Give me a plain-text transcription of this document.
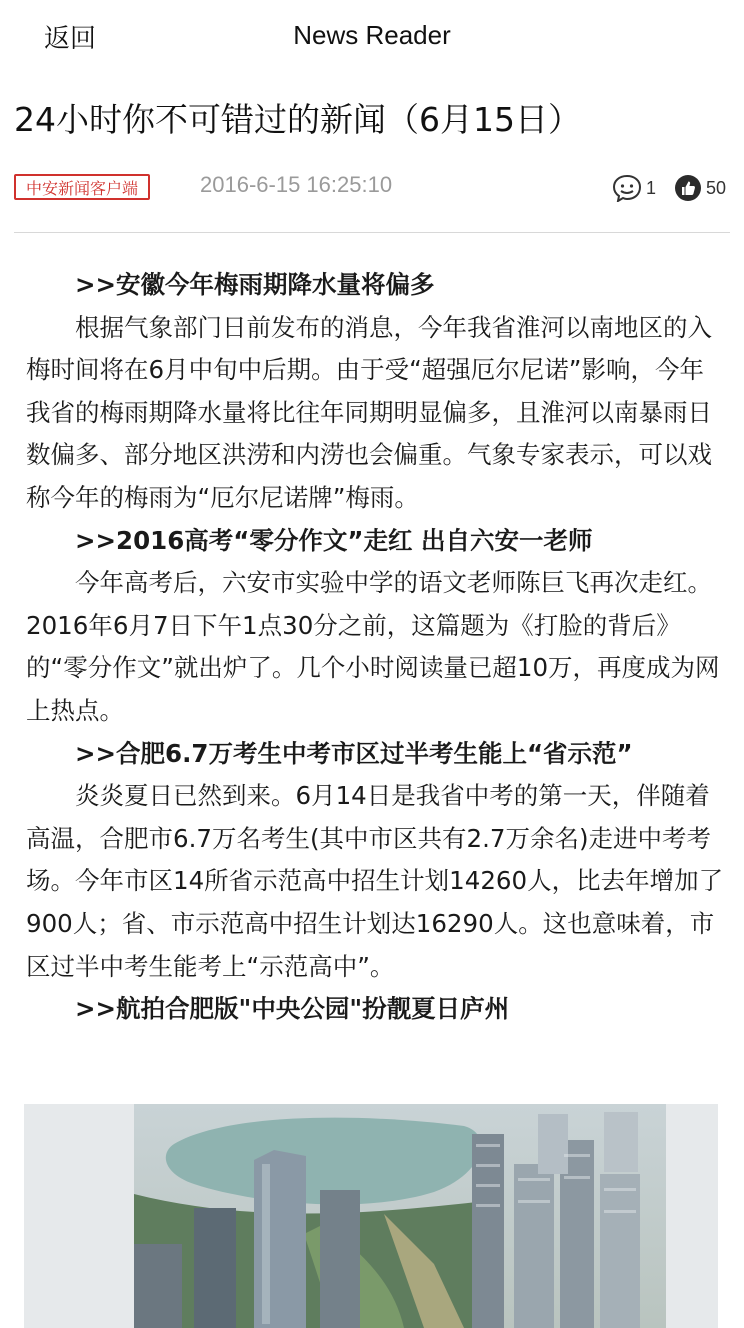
返回	News Reader
24小时你不可错过的新闻（6月15日）
中安新闻客户端	2016-6-15 16:25:10	1	50

>>安徽今年梅雨期降水量将偏多

根据气象部门日前发布的消息，今年我省淮河以南地区的入梅时间将在6月中旬中后期。由于受“超强厄尔尼诺”影响，今年我省的梅雨期降水量将比往年同期明显偏多，且淮河以南暴雨日数偏多、部分地区洪涝和内涝也会偏重。气象专家表示，可以戏称今年的梅雨为“厄尔尼诺牌”梅雨。

>>2016高考“零分作文”走红 出自六安一老师

今年高考后，六安市实验中学的语文老师陈巨飞再次走红。2016年6月7日下午1点30分之前，这篇题为《打脸的背后》的“零分作文”就出炉了。几个小时阅读量已超10万，再度成为网上热点。

>>合肥6.7万考生中考市区过半考生能上“省示范”

炎炎夏日已然到来。6月14日是我省中考的第一天，伴随着高温，合肥市6.7万名考生(其中市区共有2.7万余名)走进中考考场。今年市区14所省示范高中招生计划14260人，比去年增加了900人；省、市示范高中招生计划达16290人。这也意味着，市区过半中考生能考上“示范高中”。

>>航拍合肥版"中央公园"扮靓夏日庐州
